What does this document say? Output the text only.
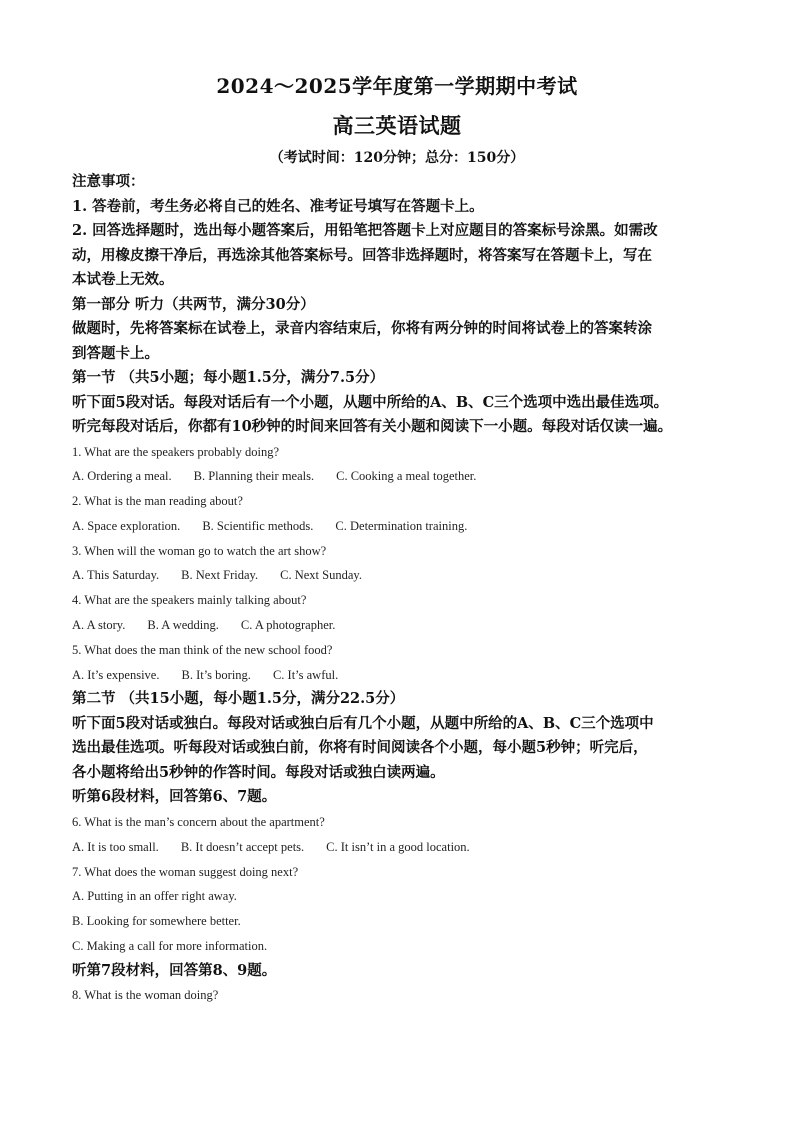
2024～2025学年度第一学期期中考试
高三英语试题
（考试时间：120分钟；总分：150分）
注意事项：
1. 答卷前，考生务必将自己的姓名、准考证号填写在答题卡上。
2. 回答选择题时，选出每小题答案后，用铅笔把答题卡上对应题目的答案标号涂黑。如需改
动，用橡皮擦干净后，再选涂其他答案标号。回答非选择题时，将答案写在答题卡上，写在
本试卷上无效。
第一部分 听力（共两节，满分30分）
做题时，先将答案标在试卷上，录音内容结束后，你将有两分钟的时间将试卷上的答案转涂
到答题卡上。
第一节 （共5小题；每小题1.5分，满分7.5分）
听下面5段对话。每段对话后有一个小题，从题中所给的A、B、C三个选项中选出最佳选项。
听完每段对话后，你都有10秒钟的时间来回答有关小题和阅读下一小题。每段对话仅读一遍。
1. What are the speakers probably doing?
A. Ordering a meal. B. Planning their meals. C. Cooking a meal together.
2. What is the man reading about?
A. Space exploration. B. Scientific methods. C. Determination training.
3. When will the woman go to watch the art show?
A. This Saturday. B. Next Friday. C. Next Sunday.
4. What are the speakers mainly talking about?
A. A story. B. A wedding. C. A photographer.
5. What does the man think of the new school food?
A. It’s expensive. B. It’s boring. C. It’s awful.
第二节 （共15小题，每小题1.5分，满分22.5分）
听下面5段对话或独白。每段对话或独白后有几个小题，从题中所给的A、B、C三个选项中
选出最佳选项。听每段对话或独白前，你将有时间阅读各个小题，每小题5秒钟；听完后，
各小题将给出5秒钟的作答时间。每段对话或独白读两遍。
听第6段材料，回答第6、7题。
6. What is the man’s concern about the apartment?
A. It is too small. B. It doesn’t accept pets. C. It isn’t in a good location.
7. What does the woman suggest doing next?
A. Putting in an offer right away.
B. Looking for somewhere better.
C. Making a call for more information.
听第7段材料，回答第8、9题。
8. What is the woman doing?
